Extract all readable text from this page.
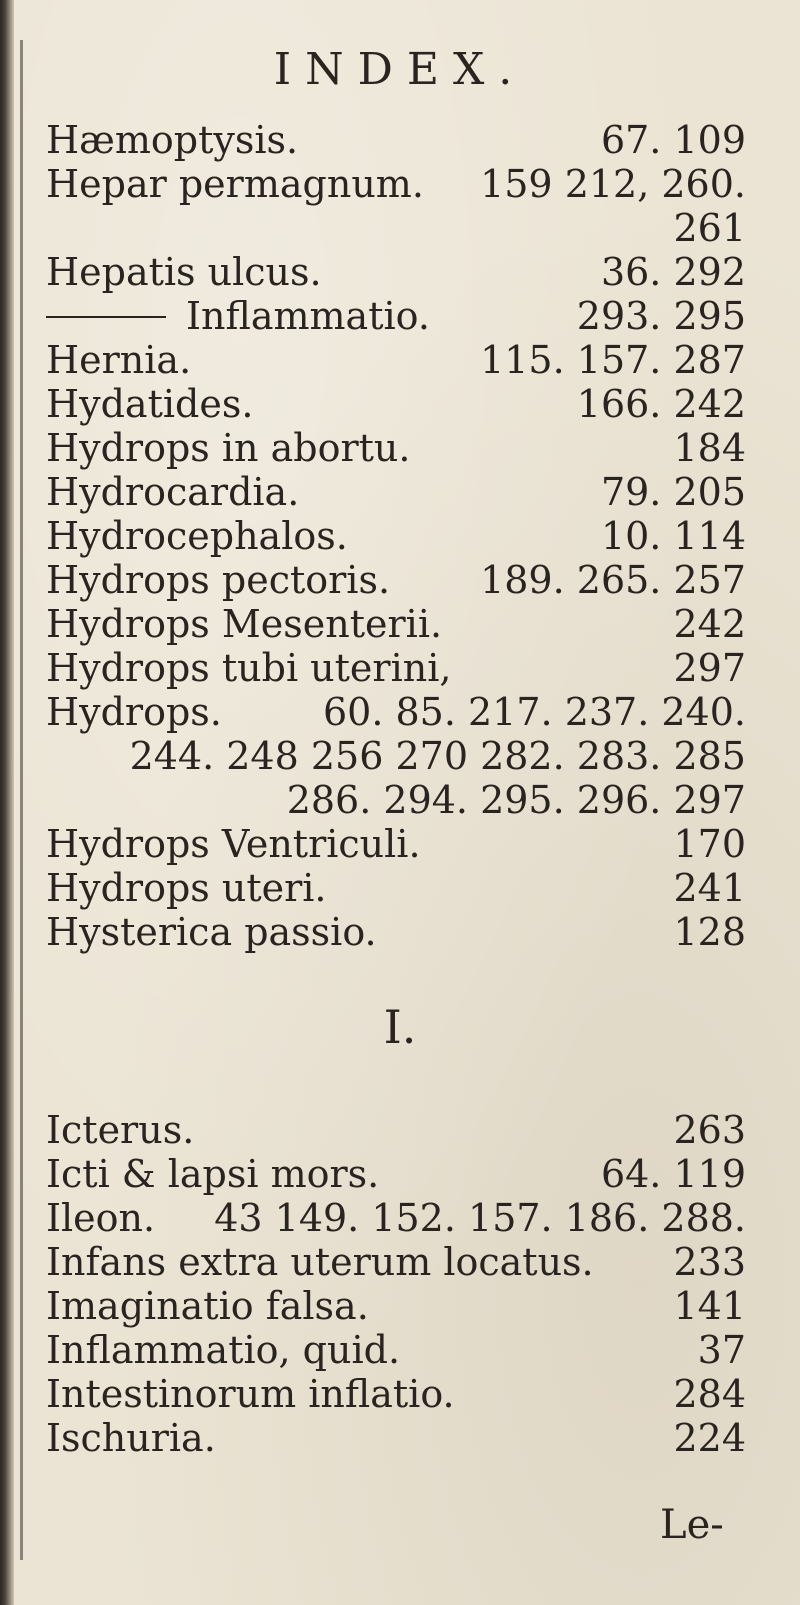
INDEX.
Hæmoptysis.	67. 109
Hepar permagnum. 159 212, 260.
261
Hepatis ulcus.	36. 292
Inflammatio.	293. 295
Hernia.	115. 157. 287
Hydatides.	166. 242
Hydrops in abortu.	184
Hydrocardia.	79. 205
Hydrocephalos.	10. 114
Hydrops pectoris. 189. 265. 257
Hydrops Mesenterii.	242
Hydrops tubi uterini,	297
Hydrops.	60. 85. 217. 237. 240.
244. 248 256 270 282. 283. 285
286. 294. 295. 296. 297
Hydrops Ventriculi.	170
Hydrops uteri.	241
Hysterica passio.	128
I.
Icterus.	263
Icti & lapsi mors.	64. 119
Ileon. 43 149. 152. 157. 186. 288.
Infans extra uterum locatus. 233
Imaginatio falsa.	141
Inflammatio, quid.	37
Intestinorum inflatio.	284
Ischuria.	224
Le-
